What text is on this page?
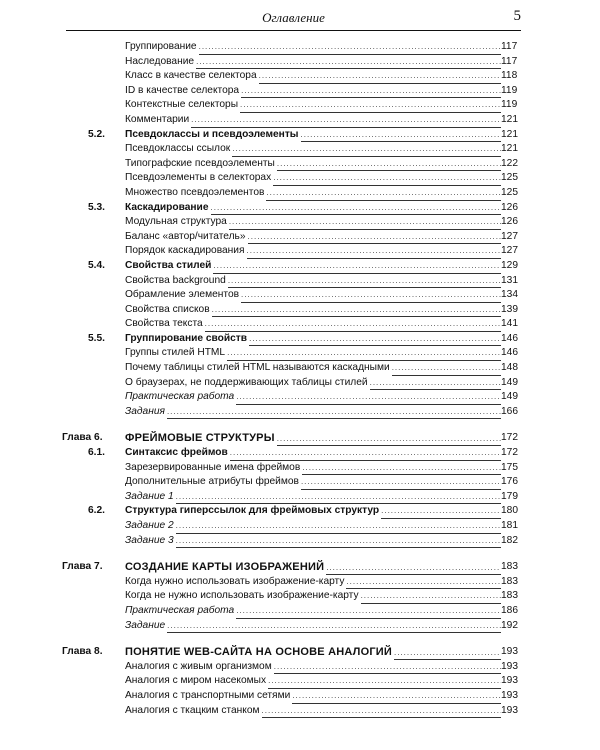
Оглавление	5
Группирование .....	117
Наследование .....	117
Класс в качестве селектора .....	118
ID в качестве селектора .....	119
Контекстные селекторы .....	119
Комментарии .....	121
5.2.	Псевдоклассы и псевдоэлементы .....	121
Псевдоклассы ссылок .....	121
Типографские псевдоэлементы .....	122
Псевдоэлементы в селекторах .....	125
Множество псевдоэлементов .....	125
5.3.	Каскадирование .....	126
Модульная структура .....	126
Баланс «автор/читатель» .....	127
Порядок каскадирования .....	127
5.4.	Свойства стилей .....	129
Свойства background .....	131
Обрамление элементов .....	134
Свойства списков .....	139
Свойства текста .....	141
5.5.	Группирование свойств .....	146
Группы стилей HTML .....	146
Почему таблицы стилей HTML называются каскадными .....	148
О браузерах, не поддерживающих таблицы стилей .....	149
Практическая работа .....	149
Задания .....	166
Глава 6.	ФРЕЙМОВЫЕ СТРУКТУРЫ .....	172
6.1.	Синтаксис фреймов .....	172
Зарезервированные имена фреймов .....	175
Дополнительные атрибуты фреймов .....	176
Задание 1 .....	179
6.2.	Структура гиперссылок для фреймовых структур .....	180
Задание 2 .....	181
Задание 3 .....	182
Глава 7.	СОЗДАНИЕ КАРТЫ ИЗОБРАЖЕНИЙ .....	183
Когда нужно использовать изображение-карту .....	183
Когда не нужно использовать изображение-карту .....	183
Практическая работа .....	186
Задание .....	192
Глава 8.	ПОНЯТИЕ WEB-САЙТА НА ОСНОВЕ АНАЛОГИЙ .....	193
Аналогия с живым организмом .....	193
Аналогия с миром насекомых .....	193
Аналогия с транспортными сетями .....	193
Аналогия с ткацким станком .....	193
